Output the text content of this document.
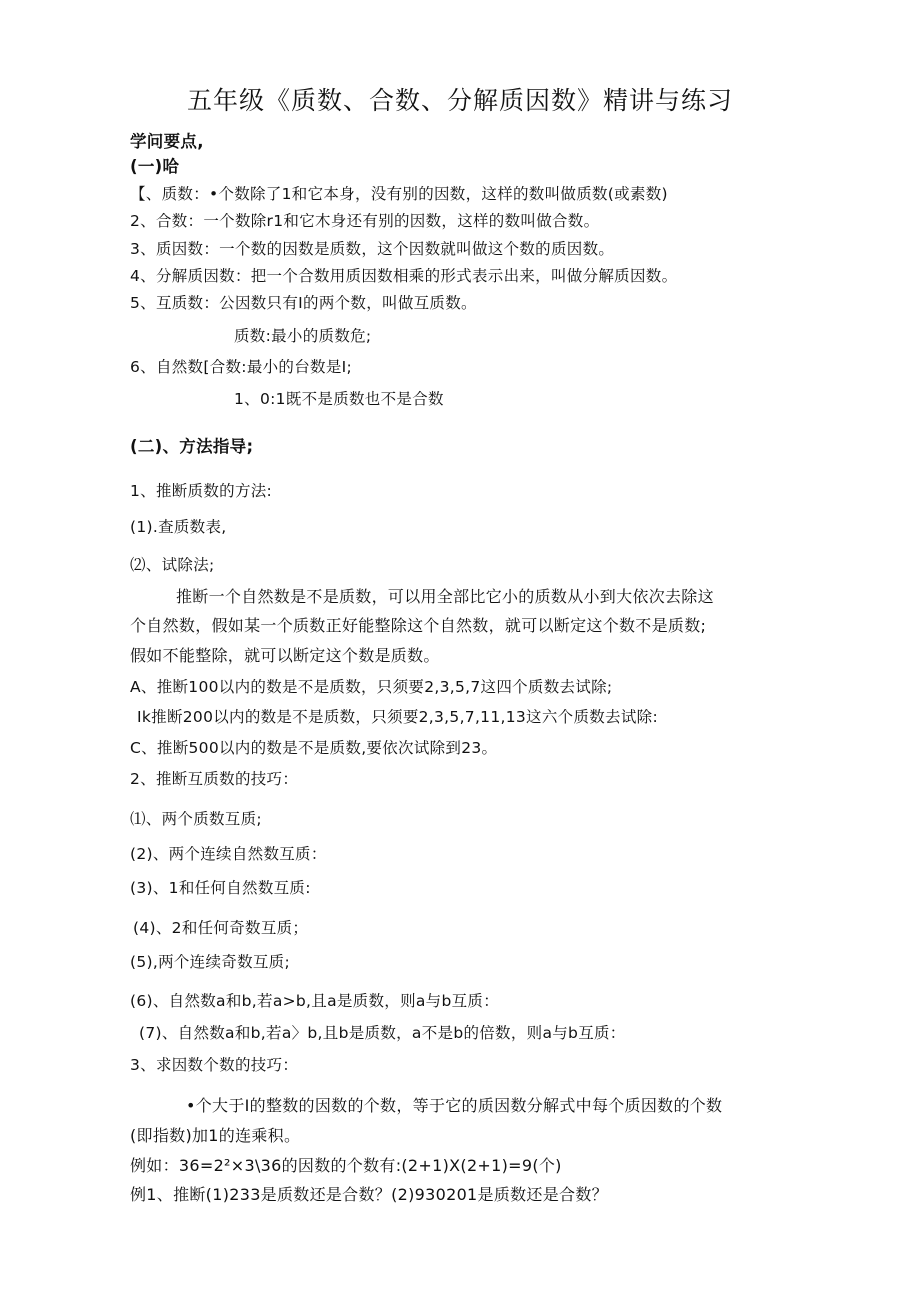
五年级《质数、合数、分解质因数》精讲与练习
学问要点,
(一)哈
【、质数：•个数除了1和它本身，没有别的因数，这样的数叫做质数(或素数)
2、合数：一个数除r1和它木身还有别的因数，这样的数叫做合数。
3、质因数：一个数的因数是质数，这个因数就叫做这个数的质因数。
4、分解质因数：把一个合数用质因数相乘的形式表示出来，叫做分解质因数。
5、互质数：公因数只有I的两个数，叫做互质数。
质数:最小的质数危;
6、自然数[合数:最小的台数是I;
1、0:1既不是质数也不是合数
(二)、方法指导;
1、推断质数的方法:
(1).查质数表,
⑵、试除法;
推断一个自然数是不是质数，可以用全部比它小的质数从小到大依次去除这
个自然数，假如某一个质数正好能整除这个自然数，就可以断定这个数不是质数;
假如不能整除，就可以断定这个数是质数。
A、推断100以内的数是不是质数，只须要2,3,5,7这四个质数去试除;
Ik推断200以内的数是不是质数，只须要2,3,5,7,11,13这六个质数去试除:
C、推断500以内的数是不是质数,要依次试除到23。
2、推断互质数的技巧：
⑴、两个质数互质;
(2)、两个连续自然数互质：
(3)、1和任何自然数互质:
(4)、2和任何奇数互质；
(5),两个连续奇数互质;
(6)、自然数a和b,若a>b,且a是质数，则a与b互质：
(7)、自然数a和b,若a〉b,且b是质数，a不是b的倍数，则a与b互质：
3、求因数个数的技巧：
•个大于I的整数的因数的个数，等于它的质因数分解式中每个质因数的个数
(即指数)加1的连乘积。
例如：36=2²×3\36的因数的个数有:(2+1)X(2+1)=9(个)
例1、推断(1)233是质数还是合数？(2)930201是质数还是合数？
